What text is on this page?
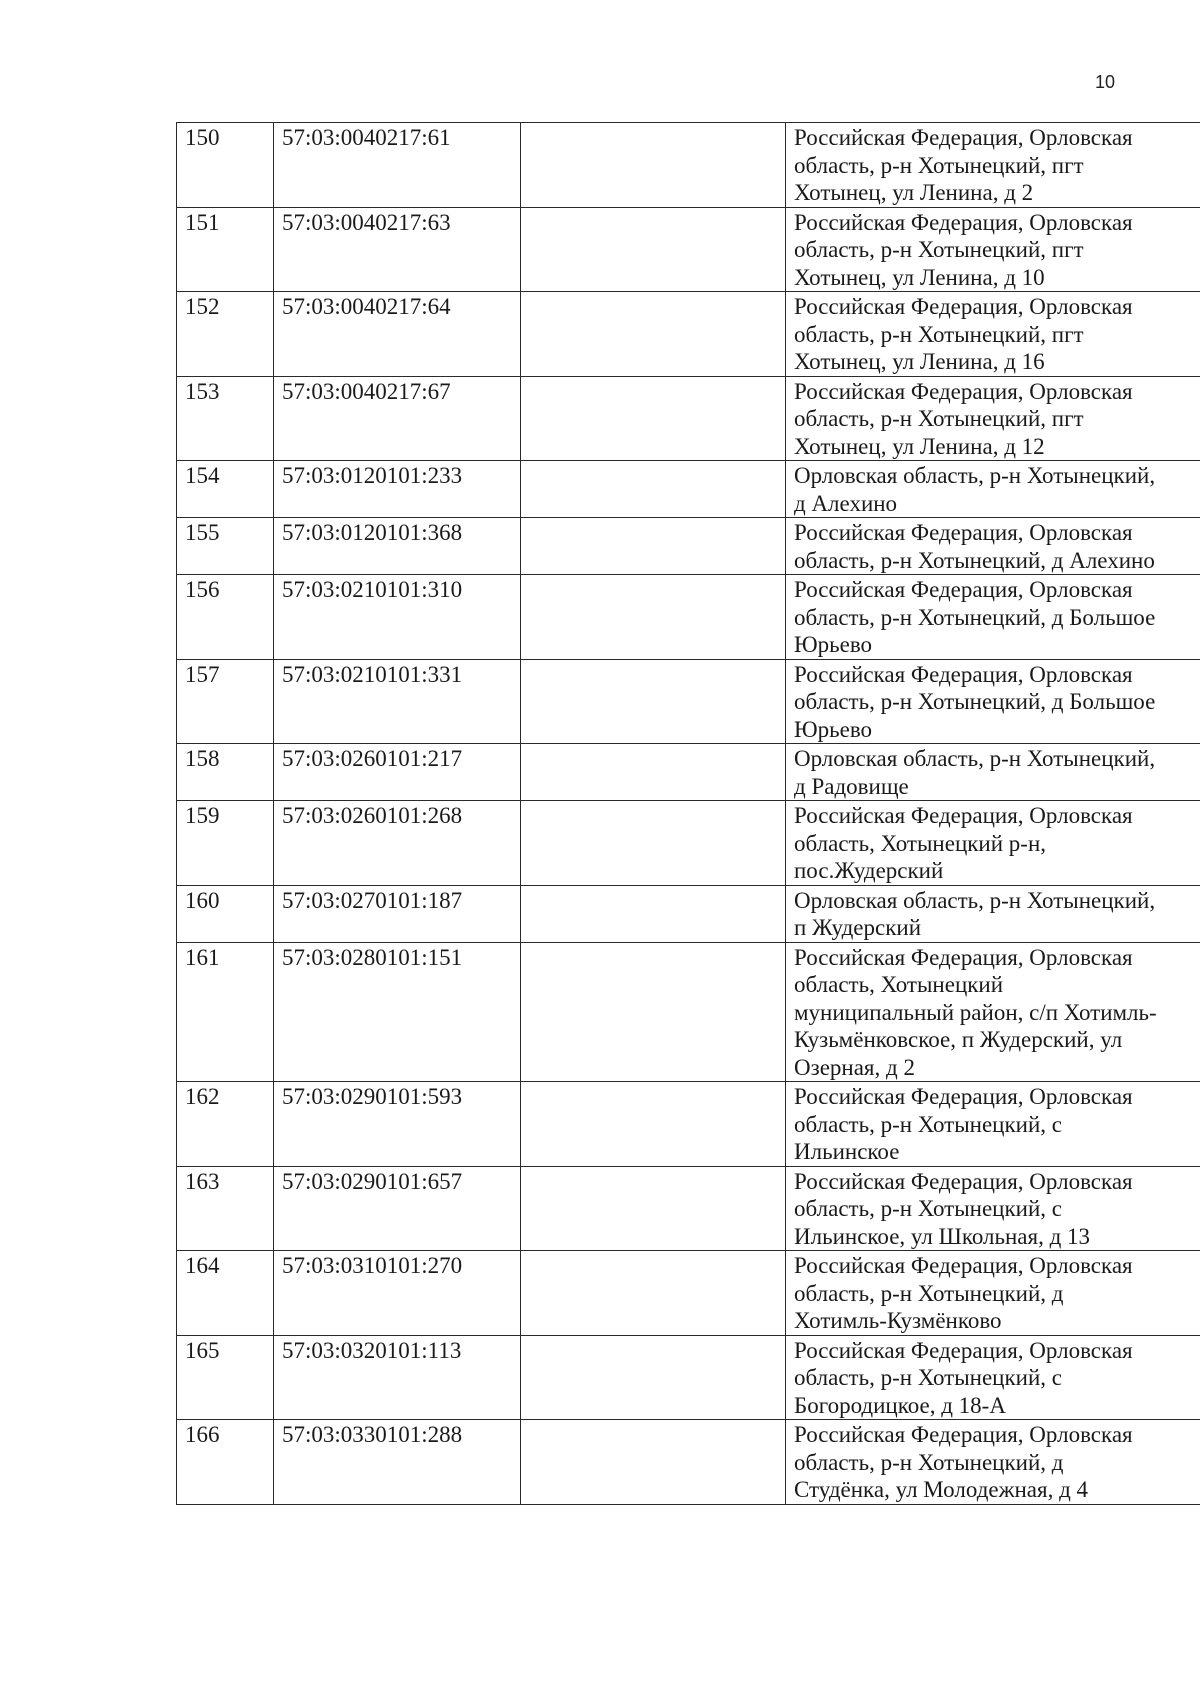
10
150	57:03:0040217:61		Российская Федерация, Орловская
область, р-н Хотынецкий, пгт
Хотынец, ул Ленина, д 2

151	57:03:0040217:63		Российская Федерация, Орловская
область, р-н Хотынецкий, пгт
Хотынец, ул Ленина, д 10

152	57:03:0040217:64		Российская Федерация, Орловская
область, р-н Хотынецкий, пгт
Хотынец, ул Ленина, д 16

153	57:03:0040217:67		Российская Федерация, Орловская
область, р-н Хотынецкий, пгт
Хотынец, ул Ленина, д 12

154	57:03:0120101:233		Орловская область, р-н Хотынецкий,
д Алехино

155	57:03:0120101:368		Российская Федерация, Орловская
область, р-н Хотынецкий, д Алехино

156	57:03:0210101:310		Российская Федерация, Орловская
область, р-н Хотынецкий, д Большое
Юрьево

157	57:03:0210101:331		Российская Федерация, Орловская
область, р-н Хотынецкий, д Большое
Юрьево

158	57:03:0260101:217		Орловская область, р-н Хотынецкий,
д Радовище

159	57:03:0260101:268		Российская Федерация, Орловская
область, Хотынецкий р-н,
пос.Жудерский

160	57:03:0270101:187		Орловская область, р-н Хотынецкий,
п Жудерский

161	57:03:0280101:151		Российская Федерация, Орловская
область, Хотынецкий
муниципальный район, с/п Хотимль-
Кузьмёнковское, п Жудерский, ул
Озерная, д 2

162	57:03:0290101:593		Российская Федерация, Орловская
область, р-н Хотынецкий, с
Ильинское

163	57:03:0290101:657		Российская Федерация, Орловская
область, р-н Хотынецкий, с
Ильинское, ул Школьная, д 13

164	57:03:0310101:270		Российская Федерация, Орловская
область, р-н Хотынецкий, д
Хотимль-Кузмёнково

165	57:03:0320101:113		Российская Федерация, Орловская
область, р-н Хотынецкий, с
Богородицкое, д 18-А

166	57:03:0330101:288		Российская Федерация, Орловская
область, р-н Хотынецкий, д
Студёнка, ул Молодежная, д 4
